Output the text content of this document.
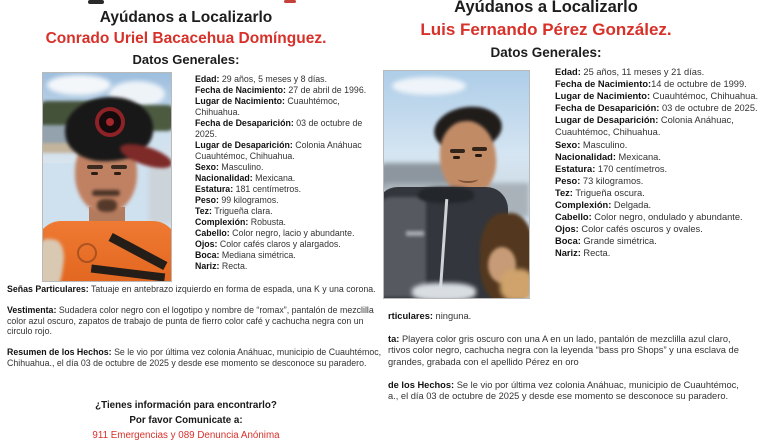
Ayúdanos a Localizarlo
Conrado Uriel Bacacehua Domínguez.
Datos Generales:
Edad: 29 años, 5 meses y 8 días.
Fecha de Nacimiento: 27 de abril de 1996.
Lugar de Nacimiento: Cuauhtémoc, Chihuahua.
Fecha de Desaparición: 03 de octubre de 2025.
Lugar de Desaparición: Colonia Anáhuac Cuauhtémoc, Chihuahua.
Sexo: Masculino.
Nacionalidad: Mexicana.
Estatura: 181 centímetros.
Peso: 99 kilogramos.
Tez: Trigueña clara.
Complexión: Robusta.
Cabello: Color negro, lacio y abundante.
Ojos: Color cafés claros y alargados.
Boca: Mediana simétrica.
Nariz: Recta.
Señas Particulares: Tatuaje en antebrazo izquierdo en forma de espada, una K y una corona.
Vestimenta: Sudadera color negro con el logotipo y nombre de “romax”, pantalón de mezclilla
color azul oscuro, zapatos de trabajo de punta de fierro color café y cachucha negra con un
circulo rojo.
Resumen de los Hechos: Se le vio por última vez colonia Anáhuac, municipio de Cuauhtémoc,
Chihuahua., el día 03 de octubre de 2025 y desde ese momento se desconoce su paradero.
¿Tienes información para encontrarlo?
Por favor Comunicate a:
911 Emergencias y 089 Denuncia Anónima
Ayúdanos a Localizarlo
Luis Fernando Pérez González.
Datos Generales:
Edad: 25 años, 11 meses y 21 días.
Fecha de Nacimiento:14 de octubre de 1999.
Lugar de Nacimiento: Cuauhtémoc, Chihuahua.
Fecha de Desaparición: 03 de octubre de 2025.
Lugar de Desaparición: Colonia Anáhuac, Cuauhtémoc, Chihuahua.
Sexo: Masculino.
Nacionalidad: Mexicana.
Estatura: 170 centímetros.
Peso: 73 kilogramos.
Tez: Trigueña oscura.
Complexión: Delgada.
Cabello: Color negro, ondulado y abundante.
Ojos: Color cafés oscuros y ovales.
Boca: Grande simétrica.
Nariz: Recta.
rticulares: ninguna.
ta: Playera color gris oscuro con una A en un lado, pantalón de mezclilla azul claro,
rtivos color negro, cachucha negra con la leyenda “bass pro Shops” y una esclava de
grandes, grabada con el apellido Pérez en oro
de los Hechos: Se le vio por última vez colonia Anáhuac, municipio de Cuauhtémoc,
a., el día 03 de octubre de 2025 y desde ese momento se desconoce su paradero.
